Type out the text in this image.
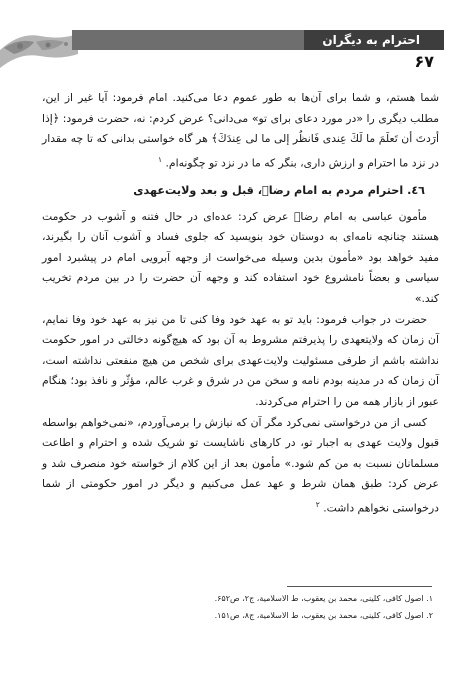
احترام به دیگران
۶۷

شما هستم، و شما برای آن‌ها به طور عموم دعا می‌کنید. امام فرمود: آیا غیر از این، مطلب دیگری را «در مورد دعای برای تو» می‌دانی؟ عرض کردم: نه، حضرت فرمود: ﴿إذا أرَدتَ أن تَعلَمَ ما لَكَ عِندی فَانظُر إلی ما لی عِندَكَ﴾ هر گاه خواستی بدانی که تا چه مقدار در نزد ما احترام و ارزش داری، بنگر که ما در نزد تو چگونه‌ام. $^۱$

٤٦. احترام مردم به امام رضاؑ، قبل و بعد ولایت‌عهدی

مأمون عباسی به امام رضاؑ عرض کرد: عده‌ای در حال فتنه و آشوب در حکومت هستند چنانچه نامه‌ای به دوستان خود بنویسید که جلوی فساد و آشوب آنان را بگیرند، مفید خواهد بود «مأمون بدین وسیله می‌خواست از وجهه آبرویی امام در پیشبرد امور سیاسی و بعضاً نامشروع خود استفاده کند و وجهه آن حضرت را در بین مردم تخریب کند.»

حضرت در جواب فرمود: باید تو به عهد خود وفا کنی تا من نیز به عهد خود وفا نمایم، آن زمان که ولایتعهدی را پذیرفتم مشروط به آن بود که هیچ‌گونه دخالتی در امور حکومت نداشته باشم از طرفی مسئولیت ولایت‌عهدی برای شخص من هیچ منفعتی نداشته است، آن زمان که در مدینه بودم نامه و سخن من در شرق و غرب عالم، مؤثّر و نافذ بود؛ هنگام عبور از بازار همه من را احترام می‌کردند.

کسی از من درخواستی نمی‌کرد مگر آن که نیازش را برمی‌آوردم، «نمی‌خواهم بواسطه قبول ولایت عهدی به اجبار تو، در کارهای ناشایست تو شریک شده و احترام و اطاعت مسلمانان نسبت به من کم شود.» مأمون بعد از این کلام از خواسته خود منصرف شد و عرض کرد: طبق همان شرط و عهد عمل می‌کنیم و دیگر در امور حکومتی از شما درخواستی نخواهم داشت. $^۲$

۱. اصول کافی، کلینی، محمد بن یعقوب، ط الاسلامیة، ج۲، ص۶۵۲.
۲. اصول کافی، کلینی، محمد بن یعقوب، ط الاسلامیة، ج۸، ص۱۵۱.
